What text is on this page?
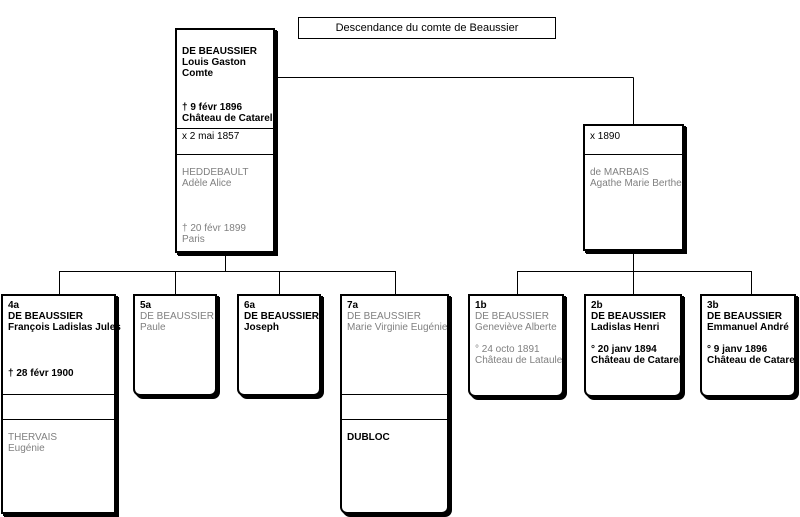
Descendance du comte de Beaussier
DE BEAUSSIER
Louis Gaston
Comte
† 9 févr 1896
Château de Catarel
x 2 mai 1857
HEDDEBAULT
Adèle Alice
† 20 févr 1899
Paris
x 1890
de MARBAIS
Agathe Marie Berthe
4a
DE BEAUSSIER
François Ladislas Jules
† 28 févr 1900
THERVAIS
Eugénie
5a
DE BEAUSSIER
Paule
6a
DE BEAUSSIER
Joseph
7a
DE BEAUSSIER
Marie Virginie Eugénie
DUBLOC
1b
DE BEAUSSIER
Geneviève Alberte
° 24 octo 1891
Château de Lataule
2b
DE BEAUSSIER
Ladislas Henri
° 20 janv 1894
Château de Catarel
3b
DE BEAUSSIER
Emmanuel André
° 9 janv 1896
Château de Catarel
